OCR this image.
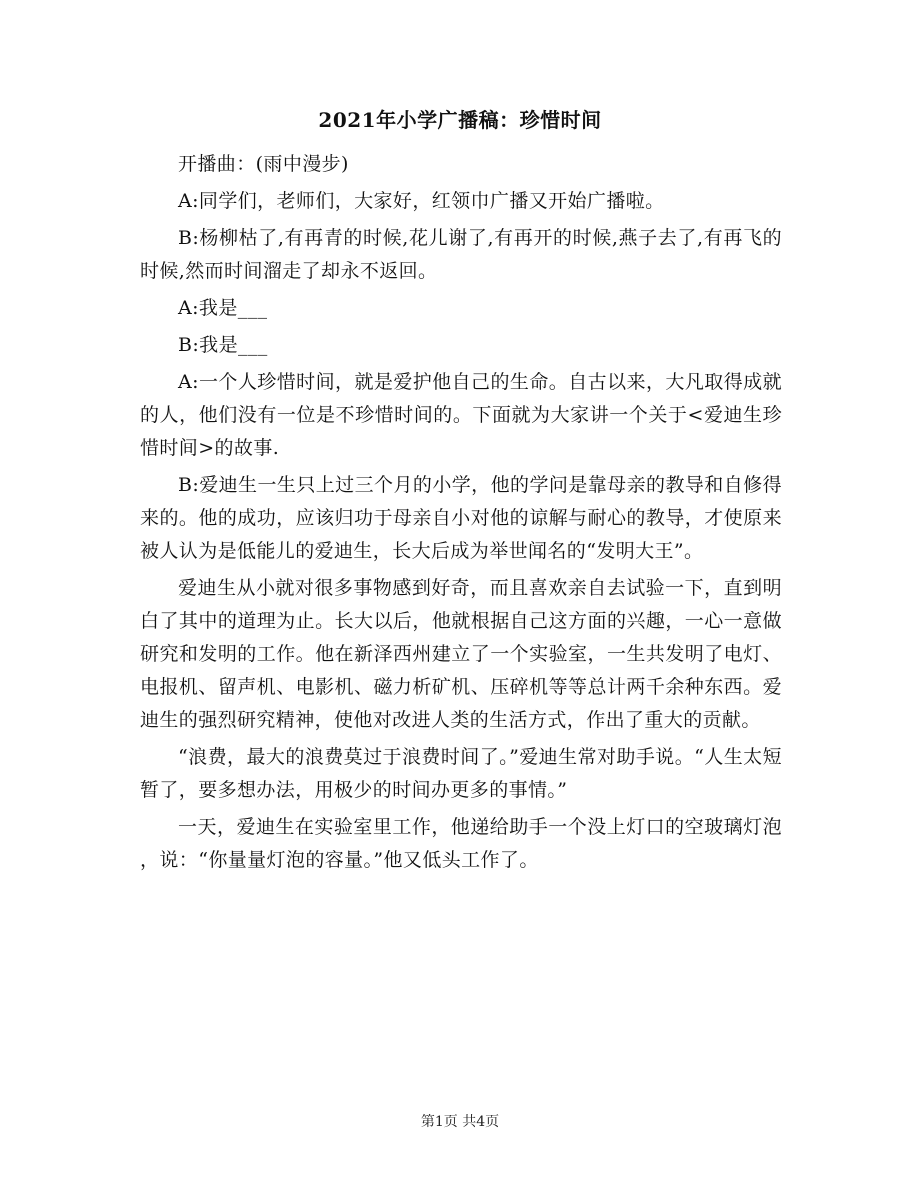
2021年小学广播稿：珍惜时间

开播曲：(雨中漫步)

A:同学们，老师们，大家好，红领巾广播又开始广播啦。

B:杨柳枯了,有再青的时候,花儿谢了,有再开的时候,燕子去了,有再飞的时候,然而时间溜走了却永不返回。

A:我是___

B:我是___

A:一个人珍惜时间，就是爱护他自己的生命。自古以来，大凡取得成就的人，他们没有一位是不珍惜时间的。下面就为大家讲一个关于<爱迪生珍惜时间>的故事.

B:爱迪生一生只上过三个月的小学，他的学问是靠母亲的教导和自修得来的。他的成功，应该归功于母亲自小对他的谅解与耐心的教导，才使原来被人认为是低能儿的爱迪生，长大后成为举世闻名的“发明大王”。

爱迪生从小就对很多事物感到好奇，而且喜欢亲自去试验一下，直到明白了其中的道理为止。长大以后，他就根据自己这方面的兴趣，一心一意做研究和发明的工作。他在新泽西州建立了一个实验室，一生共发明了电灯、电报机、留声机、电影机、磁力析矿机、压碎机等等总计两千余种东西。爱迪生的强烈研究精神，使他对改进人类的生活方式，作出了重大的贡献。

“浪费，最大的浪费莫过于浪费时间了。”爱迪生常对助手说。“人生太短暂了，要多想办法，用极少的时间办更多的事情。”

一天，爱迪生在实验室里工作，他递给助手一个没上灯口的空玻璃灯泡，说：“你量量灯泡的容量。”他又低头工作了。

第1页 共4页
